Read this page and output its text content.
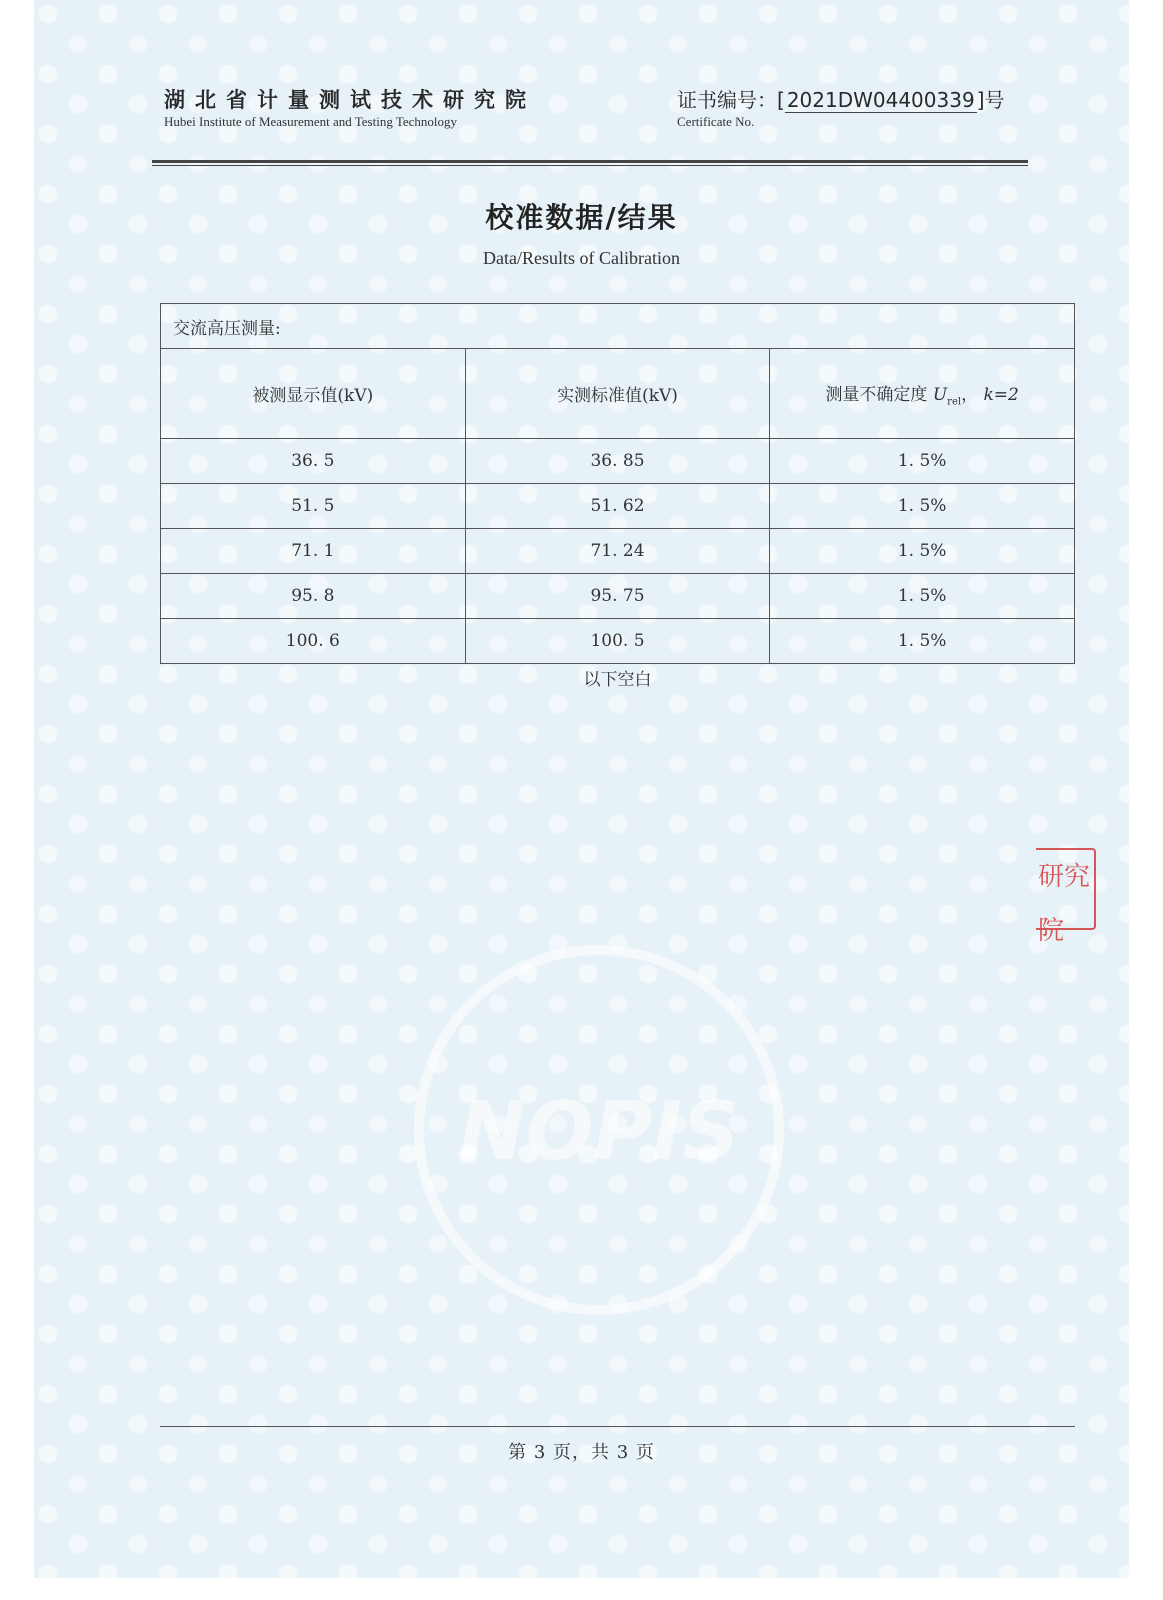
NOPIS
湖北省计量测试技术研究院
Hubei Institute of Measurement and Testing Technology
证书编号：[ 2021DW04400339 ]号
Certificate No.
校准数据/结果
Data/Results of Calibration
交流高压测量:		
被测显示值(kV)	实测标准值(kV)	测量不确定度 $U_{rel}$， k=2
36. 5	36. 85	1. 5%
51. 5	51. 62	1. 5%
71. 1	71. 24	1. 5%
95. 8	95. 75	1. 5%
100. 6	100. 5	1. 5%
以下空白
研究院
第 3 页，共 3 页
